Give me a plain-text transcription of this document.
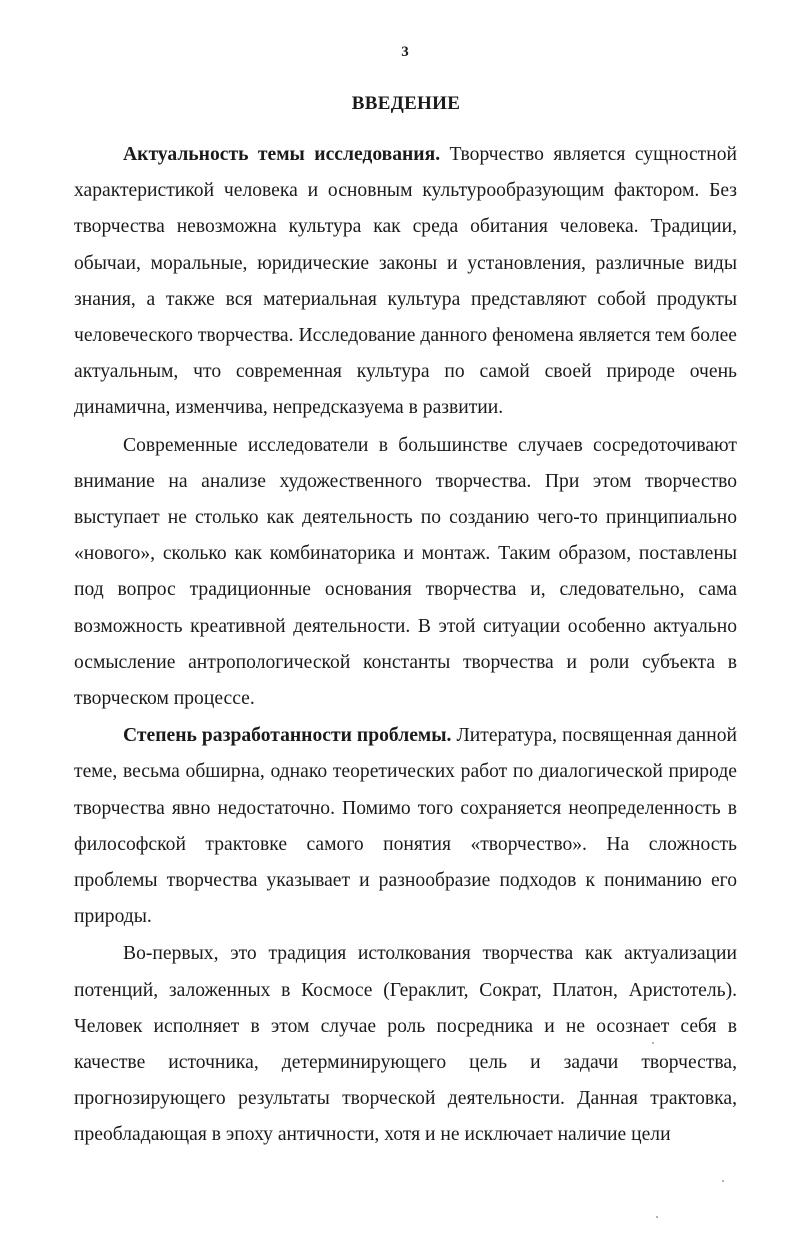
3
ВВЕДЕНИЕ

Актуальность темы исследования. Творчество является сущностной характеристикой человека и основным культурообразующим фактором. Без творчества невозможна культура как среда обитания человека. Традиции, обычаи, моральные, юридические законы и установления, различные виды знания, а также вся материальная культура представляют собой продукты человеческого творчества. Исследование данного феномена является тем более актуальным, что современная культура по самой своей природе очень динамична, изменчива, непредсказуема в развитии.

Современные исследователи в большинстве случаев сосредоточивают внимание на анализе художественного творчества. При этом творчество выступает не столько как деятельность по созданию чего-то принципиально «нового», сколько как комбинаторика и монтаж. Таким образом, поставлены под вопрос традиционные основания творчества и, следовательно, сама возможность креативной деятельности. В этой ситуации особенно актуально осмысление антропологической константы творчества и роли субъекта в творческом процессе.

Степень разработанности проблемы. Литература, посвященная данной теме, весьма обширна, однако теоретических работ по диалогической природе творчества явно недостаточно. Помимо того сохраняется неопределенность в философской трактовке самого понятия «творчество». На сложность проблемы творчества указывает и разнообразие подходов к пониманию его природы.

Во-первых, это традиция истолкования творчества как актуализации потенций, заложенных в Космосе (Гераклит, Сократ, Платон, Аристотель). Человек исполняет в этом случае роль посредника и не осознает себя в качестве источника, детерминирующего цель и задачи творчества, прогнозирующего результаты творческой деятельности. Данная трактовка, преобладающая в эпоху античности, хотя и не исключает наличие цели
